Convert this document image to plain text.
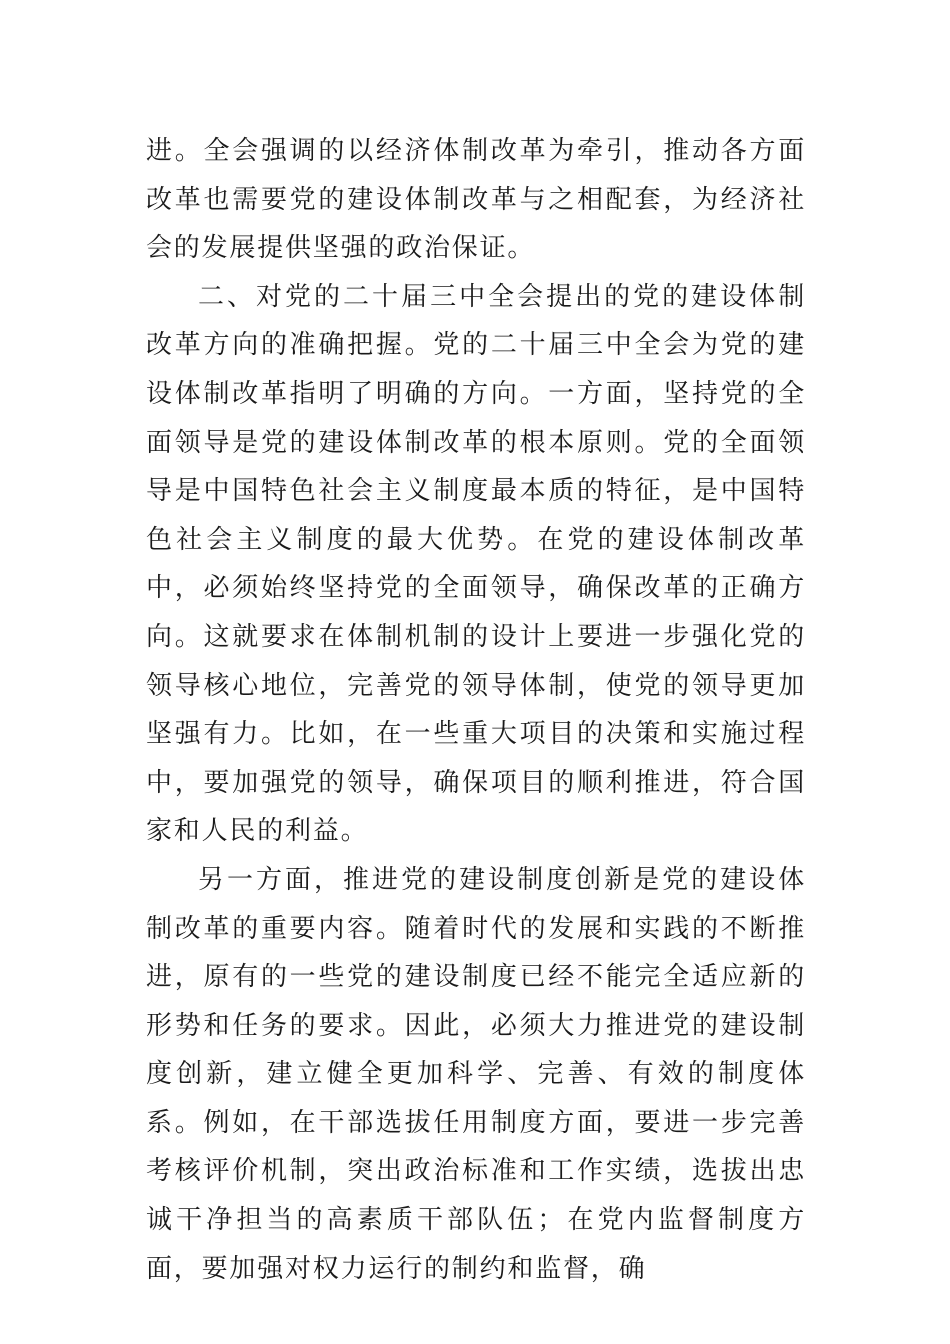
进。全会强调的以经济体制改革为牵引，推动各方面改革也需要党的建设体制改革与之相配套，为经济社会的发展提供坚强的政治保证。

二、对党的二十届三中全会提出的党的建设体制改革方向的准确把握。党的二十届三中全会为党的建设体制改革指明了明确的方向。一方面，坚持党的全面领导是党的建设体制改革的根本原则。党的全面领导是中国特色社会主义制度最本质的特征，是中国特色社会主义制度的最大优势。在党的建设体制改革中，必须始终坚持党的全面领导，确保改革的正确方向。这就要求在体制机制的设计上要进一步强化党的领导核心地位，完善党的领导体制，使党的领导更加坚强有力。比如，在一些重大项目的决策和实施过程中，要加强党的领导，确保项目的顺利推进，符合国家和人民的利益。

另一方面，推进党的建设制度创新是党的建设体制改革的重要内容。随着时代的发展和实践的不断推进，原有的一些党的建设制度已经不能完全适应新的形势和任务的要求。因此，必须大力推进党的建设制度创新，建立健全更加科学、完善、有效的制度体系。例如，在干部选拔任用制度方面，要进一步完善考核评价机制，突出政治标准和工作实绩，选拔出忠诚干净担当的高素质干部队伍；在党内监督制度方面，要加强对权力运行的制约和监督，确
